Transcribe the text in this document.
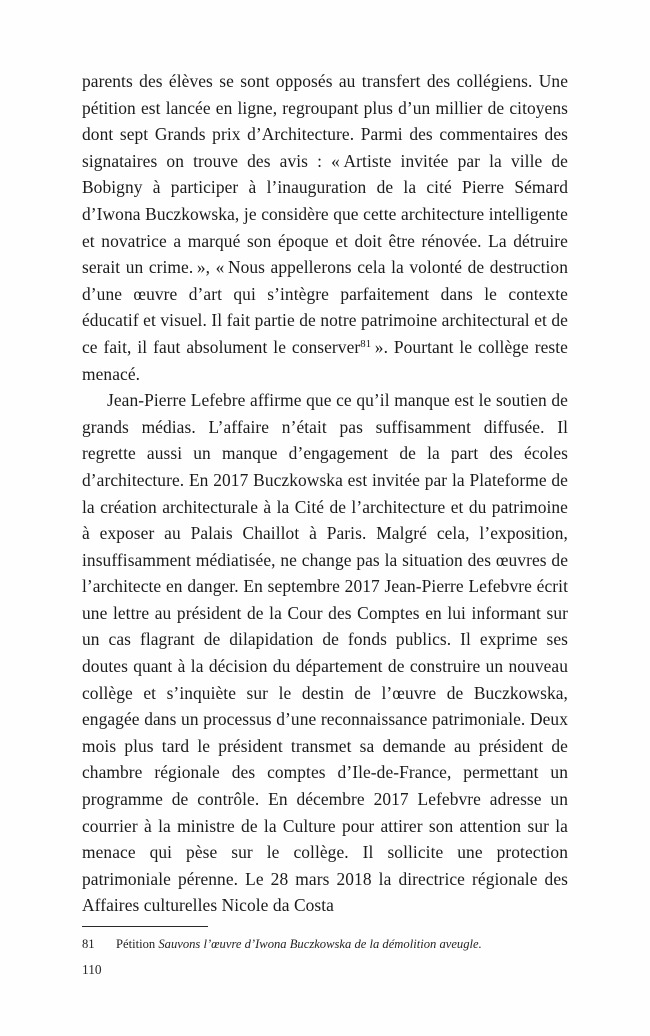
parents des élèves se sont opposés au transfert des collégiens. Une pétition est lancée en ligne, regroupant plus d’un millier de citoyens dont sept Grands prix d’Architecture. Parmi des commentaires des signataires on trouve des avis : « Artiste invitée par la ville de Bobigny à participer à l’inauguration de la cité Pierre Sémard d’Iwona Buczkowska, je considère que cette architecture intelligente et novatrice a marqué son époque et doit être rénovée. La détruire serait un crime. », « Nous appellerons cela la volonté de destruction d’une œuvre d’art qui s’intègre parfaitement dans le contexte éducatif et visuel. Il fait partie de notre patrimoine architectural et de ce fait, il faut absolument le conserver$^{81}$ ». Pourtant le collège reste menacé.

Jean-Pierre Lefebre affirme que ce qu’il manque est le soutien de grands médias. L’affaire n’était pas suffisamment diffusée. Il regrette aussi un manque d’engagement de la part des écoles d’architecture. En 2017 Buczkowska est invitée par la Plateforme de la création architecturale à la Cité de l’architecture et du patrimoine à exposer au Palais Chaillot à Paris. Malgré cela, l’exposition, insuffisamment médiatisée, ne change pas la situation des œuvres de l’architecte en danger. En septembre 2017 Jean-Pierre Lefebvre écrit une lettre au président de la Cour des Comptes en lui informant sur un cas flagrant de dilapidation de fonds publics. Il exprime ses doutes quant à la décision du département de construire un nouveau collège et s’inquiète sur le destin de l’œuvre de Buczkowska, engagée dans un processus d’une reconnaissance patrimoniale. Deux mois plus tard le président transmet sa demande au président de chambre régionale des comptes d’Ile-de-France, permettant un programme de contrôle. En décembre 2017 Lefebvre adresse un courrier à la ministre de la Culture pour attirer son attention sur la menace qui pèse sur le collège. Il sollicite une protection patrimoniale pérenne. Le 28 mars 2018 la directrice régionale des Affaires culturelles Nicole da Costa

81 Pétition Sauvons l’œuvre d’Iwona Buczkowska de la démolition aveugle.

110
